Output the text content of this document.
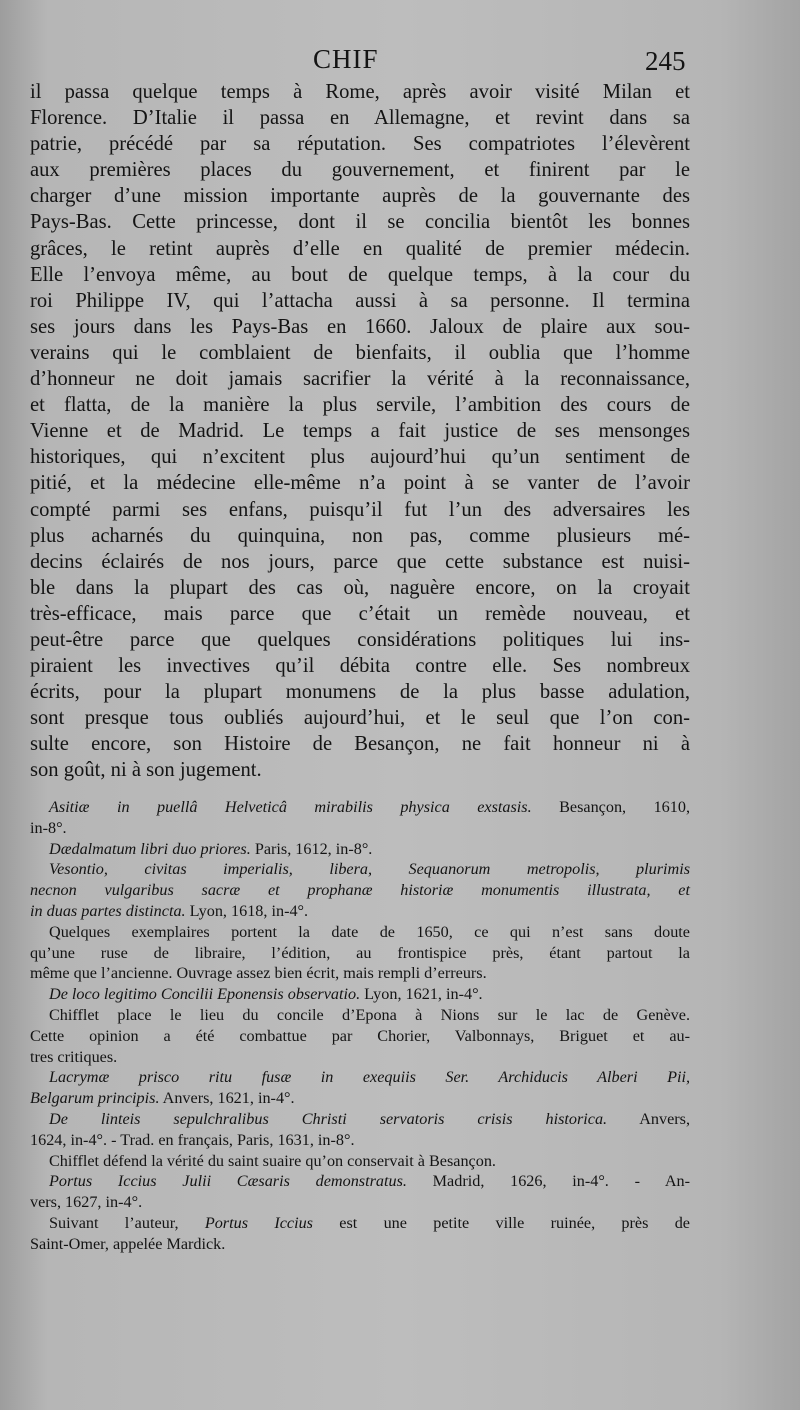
CHIF	245
il passa quelque temps à Rome, après avoir visité Milan et
Florence. D’Italie il passa en Allemagne, et revint dans sa
patrie, précédé par sa réputation. Ses compatriotes l’élevèrent
aux premières places du gouvernement, et finirent par le
charger d’une mission importante auprès de la gouvernante des
Pays-Bas. Cette princesse, dont il se concilia bientôt les bonnes
grâces, le retint auprès d’elle en qualité de premier médecin.
Elle l’envoya même, au bout de quelque temps, à la cour du
roi Philippe IV, qui l’attacha aussi à sa personne. Il termina
ses jours dans les Pays-Bas en 1660. Jaloux de plaire aux sou-
verains qui le comblaient de bienfaits, il oublia que l’homme
d’honneur ne doit jamais sacrifier la vérité à la reconnaissance,
et flatta, de la manière la plus servile, l’ambition des cours de
Vienne et de Madrid. Le temps a fait justice de ses mensonges
historiques, qui n’excitent plus aujourd’hui qu’un sentiment de
pitié, et la médecine elle-même n’a point à se vanter de l’avoir
compté parmi ses enfans, puisqu’il fut l’un des adversaires les
plus acharnés du quinquina, non pas, comme plusieurs mé-
decins éclairés de nos jours, parce que cette substance est nuisi-
ble dans la plupart des cas où, naguère encore, on la croyait
très-efficace, mais parce que c’était un remède nouveau, et
peut-être parce que quelques considérations politiques lui ins-
piraient les invectives qu’il débita contre elle. Ses nombreux
écrits, pour la plupart monumens de la plus basse adulation,
sont presque tous oubliés aujourd’hui, et le seul que l’on con-
sulte encore, son Histoire de Besançon, ne fait honneur ni à
son goût, ni à son jugement.
Asitiæ in puellâ Helveticâ mirabilis physica exstasis. Besançon, 1610,
in-8°.
Dædalmatum libri duo priores. Paris, 1612, in-8°.
Vesontio, civitas imperialis, libera, Sequanorum metropolis, plurimis
necnon vulgaribus sacræ et prophanæ historiæ monumentis illustrata, et
in duas partes distincta. Lyon, 1618, in-4°.
Quelques exemplaires portent la date de 1650, ce qui n’est sans doute
qu’une ruse de libraire, l’édition, au frontispice près, étant partout la
même que l’ancienne. Ouvrage assez bien écrit, mais rempli d’erreurs.
De loco legitimo Concilii Eponensis observatio. Lyon, 1621, in-4°.
Chifflet place le lieu du concile d’Epona à Nions sur le lac de Genève.
Cette opinion a été combattue par Chorier, Valbonnays, Briguet et au-
tres critiques.
Lacrymæ prisco ritu fusæ in exequiis Ser. Archiducis Alberi Pii,
Belgarum principis. Anvers, 1621, in-4°.
De linteis sepulchralibus Christi servatoris crisis historica. Anvers,
1624, in-4°. - Trad. en français, Paris, 1631, in-8°.
Chifflet défend la vérité du saint suaire qu’on conservait à Besançon.
Portus Iccius Julii Cæsaris demonstratus. Madrid, 1626, in-4°. - An-
vers, 1627, in-4°.
Suivant l’auteur, Portus Iccius est une petite ville ruinée, près de
Saint-Omer, appelée Mardick.
